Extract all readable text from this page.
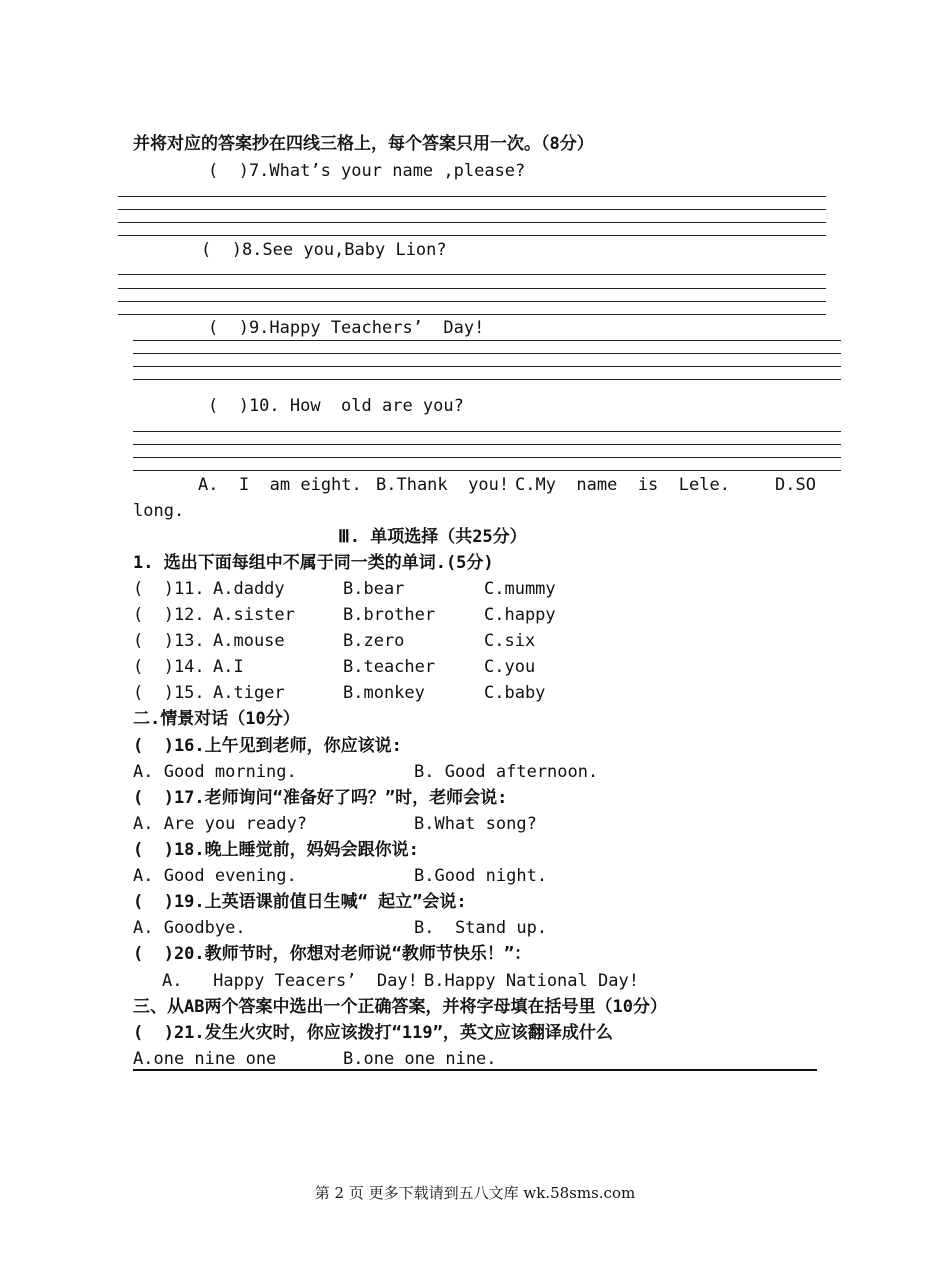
并将对应的答案抄在四线三格上，每个答案只用一次。（8分）
(  )7.What’s your name ,please?
(  )8.See you,Baby Lion?
(  )9.Happy Teachers’  Day!
(  )10. How  old are you?
A.  I  am eight. B.Thank  you! C.My  name  is  Lele.	D.SO
long.
Ⅲ. 单项选择（共25分）
1. 选出下面每组中不属于同一类的单词.(5分)
(  )11. A.daddy	B.bear	C.mummy
(  )12. A.sister	B.brother	C.happy
(  )13. A.mouse	B.zero	C.six
(  )14. A.I	B.teacher	C.you
(  )15. A.tiger	B.monkey	C.baby
二.情景对话（10分）
(  )16.上午见到老师，你应该说:
A. Good morning.	B. Good afternoon.
(  )17.老师询问“准备好了吗？”时，老师会说:
A. Are you ready?	B.What song?
(  )18.晚上睡觉前，妈妈会跟你说:
A. Good evening.	B.Good night.
(  )19.上英语课前值日生喊“ 起立”会说:
A. Goodbye.	B.  Stand up.
(  )20.教师节时，你想对老师说“教师节快乐！”：
A.   Happy Teacers’  Day! B.Happy National Day!
三、从AB两个答案中选出一个正确答案，并将字母填在括号里（10分）
(  )21.发生火灾时，你应该拨打“119”，英文应该翻译成什么
A.one nine one	B.one one nine.
第 2 页 更多下载请到五八文库 wk.58sms.com
